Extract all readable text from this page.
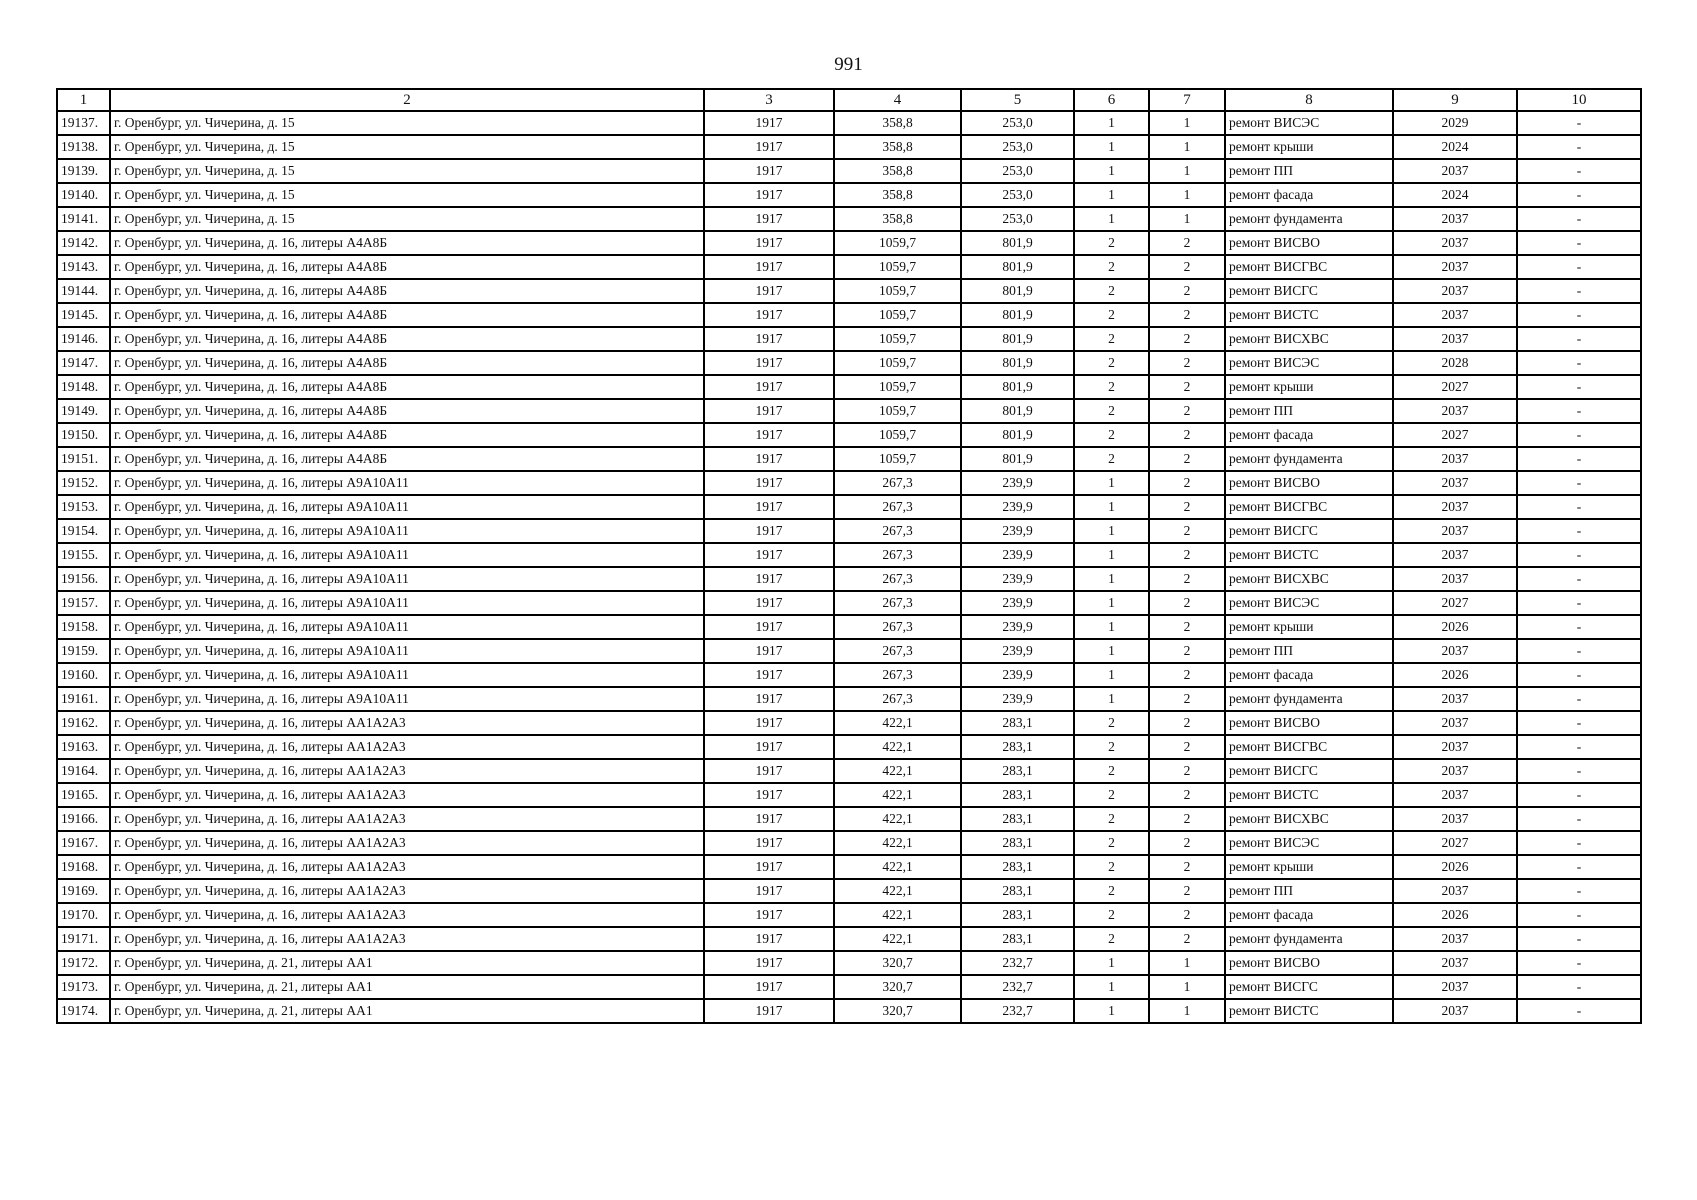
991
1	2	3	4	5	6	7	8	9	10
19137.	г. Оренбург, ул. Чичерина, д. 15	1917	358,8	253,0	1	1	ремонт ВИСЭС	2029	-
19138.	г. Оренбург, ул. Чичерина, д. 15	1917	358,8	253,0	1	1	ремонт крыши	2024	-
19139.	г. Оренбург, ул. Чичерина, д. 15	1917	358,8	253,0	1	1	ремонт ПП	2037	-
19140.	г. Оренбург, ул. Чичерина, д. 15	1917	358,8	253,0	1	1	ремонт фасада	2024	-
19141.	г. Оренбург, ул. Чичерина, д. 15	1917	358,8	253,0	1	1	ремонт фундамента	2037	-
19142.	г. Оренбург, ул. Чичерина, д. 16, литеры А4А8Б	1917	1059,7	801,9	2	2	ремонт ВИСВО	2037	-
19143.	г. Оренбург, ул. Чичерина, д. 16, литеры А4А8Б	1917	1059,7	801,9	2	2	ремонт ВИСГВС	2037	-
19144.	г. Оренбург, ул. Чичерина, д. 16, литеры А4А8Б	1917	1059,7	801,9	2	2	ремонт ВИСГС	2037	-
19145.	г. Оренбург, ул. Чичерина, д. 16, литеры А4А8Б	1917	1059,7	801,9	2	2	ремонт ВИСТС	2037	-
19146.	г. Оренбург, ул. Чичерина, д. 16, литеры А4А8Б	1917	1059,7	801,9	2	2	ремонт ВИСХВС	2037	-
19147.	г. Оренбург, ул. Чичерина, д. 16, литеры А4А8Б	1917	1059,7	801,9	2	2	ремонт ВИСЭС	2028	-
19148.	г. Оренбург, ул. Чичерина, д. 16, литеры А4А8Б	1917	1059,7	801,9	2	2	ремонт крыши	2027	-
19149.	г. Оренбург, ул. Чичерина, д. 16, литеры А4А8Б	1917	1059,7	801,9	2	2	ремонт ПП	2037	-
19150.	г. Оренбург, ул. Чичерина, д. 16, литеры А4А8Б	1917	1059,7	801,9	2	2	ремонт фасада	2027	-
19151.	г. Оренбург, ул. Чичерина, д. 16, литеры А4А8Б	1917	1059,7	801,9	2	2	ремонт фундамента	2037	-
19152.	г. Оренбург, ул. Чичерина, д. 16, литеры А9А10А11	1917	267,3	239,9	1	2	ремонт ВИСВО	2037	-
19153.	г. Оренбург, ул. Чичерина, д. 16, литеры А9А10А11	1917	267,3	239,9	1	2	ремонт ВИСГВС	2037	-
19154.	г. Оренбург, ул. Чичерина, д. 16, литеры А9А10А11	1917	267,3	239,9	1	2	ремонт ВИСГС	2037	-
19155.	г. Оренбург, ул. Чичерина, д. 16, литеры А9А10А11	1917	267,3	239,9	1	2	ремонт ВИСТС	2037	-
19156.	г. Оренбург, ул. Чичерина, д. 16, литеры А9А10А11	1917	267,3	239,9	1	2	ремонт ВИСХВС	2037	-
19157.	г. Оренбург, ул. Чичерина, д. 16, литеры А9А10А11	1917	267,3	239,9	1	2	ремонт ВИСЭС	2027	-
19158.	г. Оренбург, ул. Чичерина, д. 16, литеры А9А10А11	1917	267,3	239,9	1	2	ремонт крыши	2026	-
19159.	г. Оренбург, ул. Чичерина, д. 16, литеры А9А10А11	1917	267,3	239,9	1	2	ремонт ПП	2037	-
19160.	г. Оренбург, ул. Чичерина, д. 16, литеры А9А10А11	1917	267,3	239,9	1	2	ремонт фасада	2026	-
19161.	г. Оренбург, ул. Чичерина, д. 16, литеры А9А10А11	1917	267,3	239,9	1	2	ремонт фундамента	2037	-
19162.	г. Оренбург, ул. Чичерина, д. 16, литеры АА1А2А3	1917	422,1	283,1	2	2	ремонт ВИСВО	2037	-
19163.	г. Оренбург, ул. Чичерина, д. 16, литеры АА1А2А3	1917	422,1	283,1	2	2	ремонт ВИСГВС	2037	-
19164.	г. Оренбург, ул. Чичерина, д. 16, литеры АА1А2А3	1917	422,1	283,1	2	2	ремонт ВИСГС	2037	-
19165.	г. Оренбург, ул. Чичерина, д. 16, литеры АА1А2А3	1917	422,1	283,1	2	2	ремонт ВИСТС	2037	-
19166.	г. Оренбург, ул. Чичерина, д. 16, литеры АА1А2А3	1917	422,1	283,1	2	2	ремонт ВИСХВС	2037	-
19167.	г. Оренбург, ул. Чичерина, д. 16, литеры АА1А2А3	1917	422,1	283,1	2	2	ремонт ВИСЭС	2027	-
19168.	г. Оренбург, ул. Чичерина, д. 16, литеры АА1А2А3	1917	422,1	283,1	2	2	ремонт крыши	2026	-
19169.	г. Оренбург, ул. Чичерина, д. 16, литеры АА1А2А3	1917	422,1	283,1	2	2	ремонт ПП	2037	-
19170.	г. Оренбург, ул. Чичерина, д. 16, литеры АА1А2А3	1917	422,1	283,1	2	2	ремонт фасада	2026	-
19171.	г. Оренбург, ул. Чичерина, д. 16, литеры АА1А2А3	1917	422,1	283,1	2	2	ремонт фундамента	2037	-
19172.	г. Оренбург, ул. Чичерина, д. 21, литеры АА1	1917	320,7	232,7	1	1	ремонт ВИСВО	2037	-
19173.	г. Оренбург, ул. Чичерина, д. 21, литеры АА1	1917	320,7	232,7	1	1	ремонт ВИСГС	2037	-
19174.	г. Оренбург, ул. Чичерина, д. 21, литеры АА1	1917	320,7	232,7	1	1	ремонт ВИСТС	2037	-
